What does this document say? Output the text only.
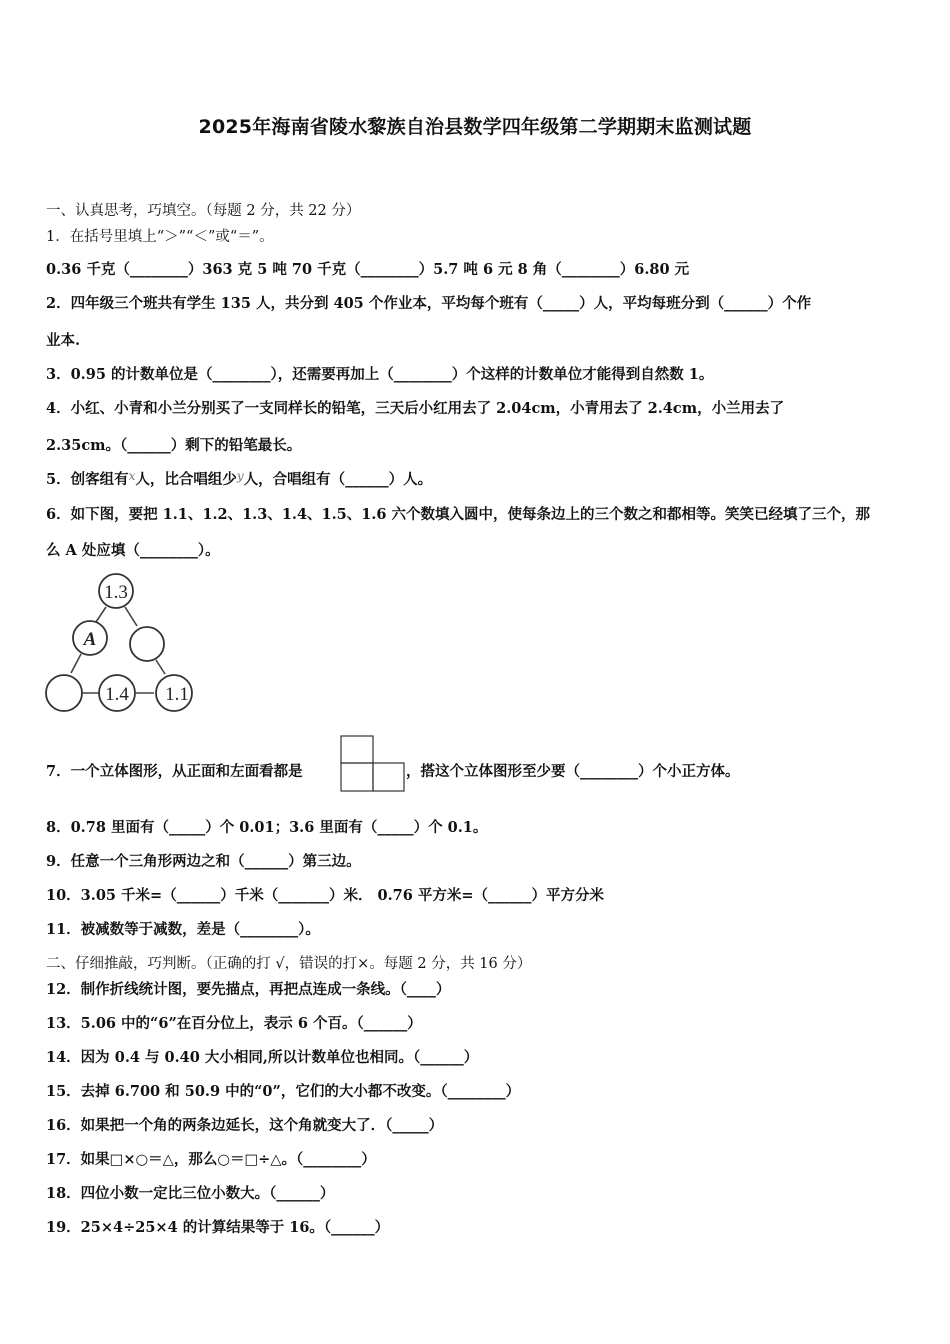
2025年海南省陵水黎族自治县数学四年级第二学期期末监测试题
一、认真思考，巧填空。（每题 2 分，共 22 分）
1．在括号里填上“＞”“＜”或“＝”。
0.36 千克（________）363 克 5 吨 70 千克（________）5.7 吨 6 元 8 角（________）6.80 元
2．四年级三个班共有学生 135 人，共分到 405 个作业本，平均每个班有（_____）人，平均每班分到（______）个作
业本.
3．0.95 的计数单位是（________），还需要再加上（________）个这样的计数单位才能得到自然数 1。
4．小红、小青和小兰分别买了一支同样长的铅笔，三天后小红用去了 2.04cm，小青用去了 2.4cm，小兰用去了
2.35cm。（______）剩下的铅笔最长。
5．创客组有$^x$人，比合唱组少$^y$人，合唱组有（______）人。
6．如下图，要把 1.1、1.2、1.3、1.4、1.5、1.6 六个数填入圆中，使每条边上的三个数之和都相等。笑笑已经填了三个，那
么 A 处应填（________）。
1.3
A
1.4 1.1
7．一个立体图形，从正面和左面看都是	，搭这个立体图形至少要（________）个小正方体。
8．0.78 里面有（_____）个 0.01；3.6 里面有（_____）个 0.1。
9．任意一个三角形两边之和（______）第三边。
10．3.05 千米=（______）千米（_______）米． 0.76 平方米=（______）平方分米
11．被减数等于减数，差是（________）。
二、仔细推敲，巧判断。（正确的打 √，错误的打×。每题 2 分，共 16 分）
12．制作折线统计图，要先描点，再把点连成一条线。（____）
13．5.06 中的“6”在百分位上，表示 6 个百。（______）
14．因为 0.4 与 0.40 大小相同,所以计数单位也相同。（______）
15．去掉 6.700 和 50.9 中的“0”，它们的大小都不改变。（________）
16．如果把一个角的两条边延长，这个角就变大了．（_____）
17．如果□×○＝△，那么○＝□÷△。（________）
18．四位小数一定比三位小数大。（______）
19．25×4÷25×4 的计算结果等于 16。（______）
